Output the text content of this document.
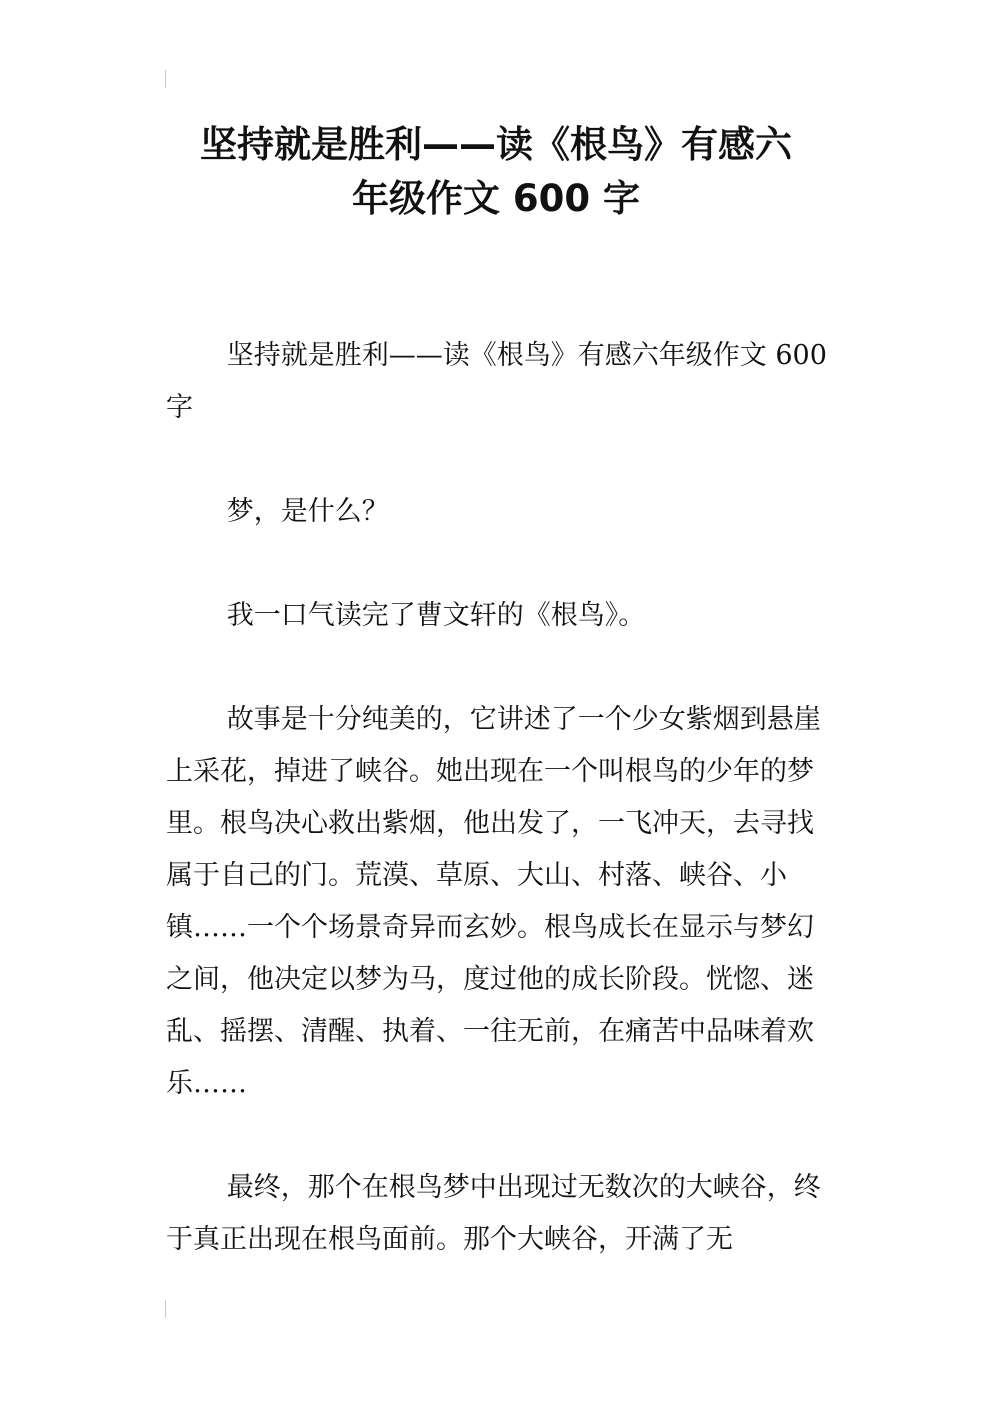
坚持就是胜利——读《根鸟》有感六
年级作文 600 字

坚持就是胜利——读《根鸟》有感六年级作文 600 字

梦，是什么？

我一口气读完了曹文轩的《根鸟》。

故事是十分纯美的，它讲述了一个少女紫烟到悬崖上采花，掉进了峡谷。她出现在一个叫根鸟的少年的梦里。根鸟决心救出紫烟，他出发了，一飞冲天，去寻找属于自己的门。荒漠、草原、大山、村落、峡谷、小镇……一个个场景奇异而玄妙。根鸟成长在显示与梦幻之间，他决定以梦为马，度过他的成长阶段。恍惚、迷乱、摇摆、清醒、执着、一往无前，在痛苦中品味着欢乐……

最终，那个在根鸟梦中出现过无数次的大峡谷，终于真正出现在根鸟面前。那个大峡谷，开满了无
